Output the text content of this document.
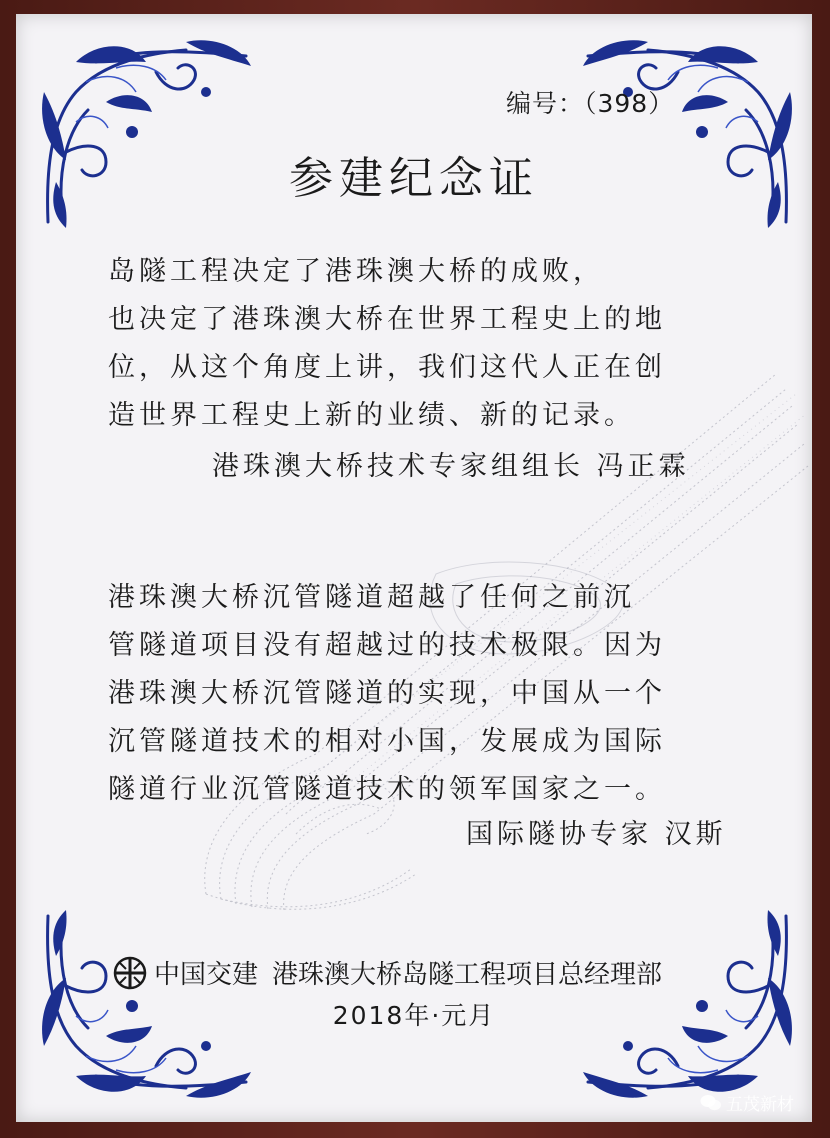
编号：（398）
参建纪念证
岛隧工程决定了港珠澳大桥的成败，
也决定了港珠澳大桥在世界工程史上的地
位，从这个角度上讲，我们这代人正在创
造世界工程史上新的业绩、新的记录。
港珠澳大桥技术专家组组长 冯正霖
港珠澳大桥沉管隧道超越了任何之前沉
管隧道项目没有超越过的技术极限。因为
港珠澳大桥沉管隧道的实现，中国从一个
沉管隧道技术的相对小国，发展成为国际
隧道行业沉管隧道技术的领军国家之一。
国际隧协专家 汉斯
中国交建 港珠澳大桥岛隧工程项目总经理部
2018年·元月
五茂新材
